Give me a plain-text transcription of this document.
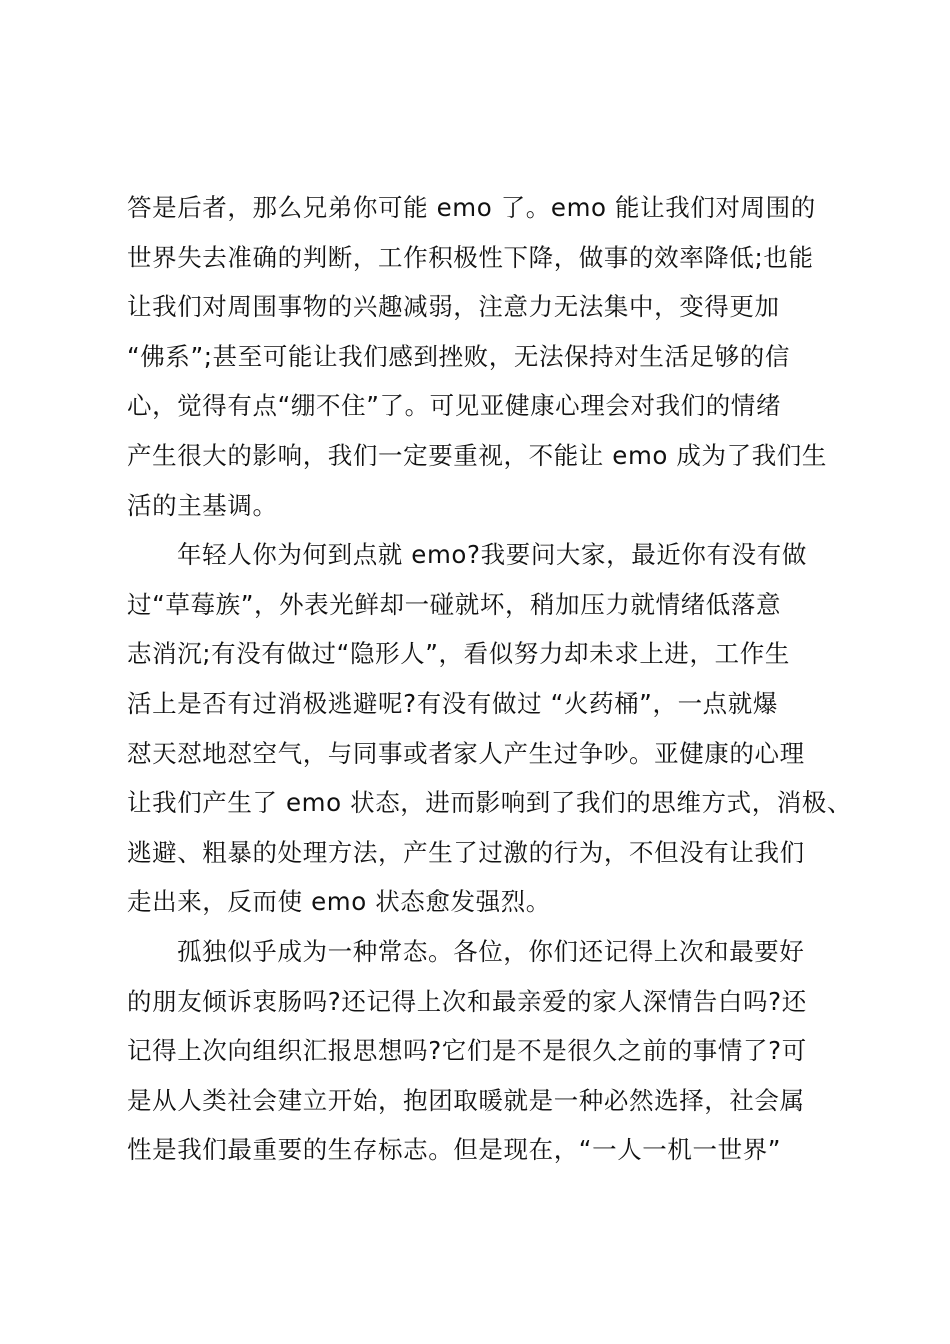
答是后者，那么兄弟你可能 emo 了。emo 能让我们对周围的
世界失去准确的判断，工作积极性下降，做事的效率降低;也能
让我们对周围事物的兴趣减弱，注意力无法集中，变得更加
“佛系”;甚至可能让我们感到挫败，无法保持对生活足够的信
心，觉得有点“绷不住”了。可见亚健康心理会对我们的情绪
产生很大的影响，我们一定要重视，不能让 emo 成为了我们生
活的主基调。
年轻人你为何到点就 emo?我要问大家，最近你有没有做
过“草莓族”，外表光鲜却一碰就坏，稍加压力就情绪低落意
志消沉;有没有做过“隐形人”，看似努力却未求上进，工作生
活上是否有过消极逃避呢?有没有做过 “火药桶”，一点就爆
怼天怼地怼空气，与同事或者家人产生过争吵。亚健康的心理
让我们产生了 emo 状态，进而影响到了我们的思维方式，消极、
逃避、粗暴的处理方法，产生了过激的行为，不但没有让我们
走出来，反而使 emo 状态愈发强烈。
孤独似乎成为一种常态。各位，你们还记得上次和最要好
的朋友倾诉衷肠吗?还记得上次和最亲爱的家人深情告白吗?还
记得上次向组织汇报思想吗?它们是不是很久之前的事情了?可
是从人类社会建立开始，抱团取暖就是一种必然选择，社会属
性是我们最重要的生存标志。但是现在，“一人一机一世界”
